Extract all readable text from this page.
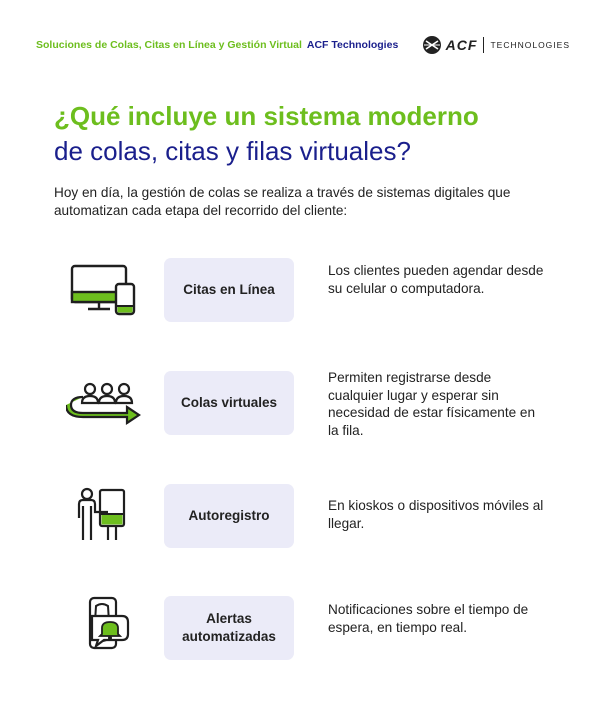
Soluciones de Colas, Citas en Línea y Gestión Virtual ACF Technologies	ACF TECHNOLOGIES
¿Qué incluye un sistema moderno
de colas, citas y filas virtuales?
Hoy en día, la gestión de colas se realiza a través de sistemas digitales que automatizan cada etapa del recorrido del cliente:
Citas en Línea
Los clientes pueden agendar desde su celular o computadora.
Colas virtuales
Permiten registrarse desde cualquier lugar y esperar sin necesidad de estar físicamente en la fila.
Autoregistro
En kioskos o dispositivos móviles al llegar.
Alertas automatizadas
Notificaciones sobre el tiempo de espera, en tiempo real.
